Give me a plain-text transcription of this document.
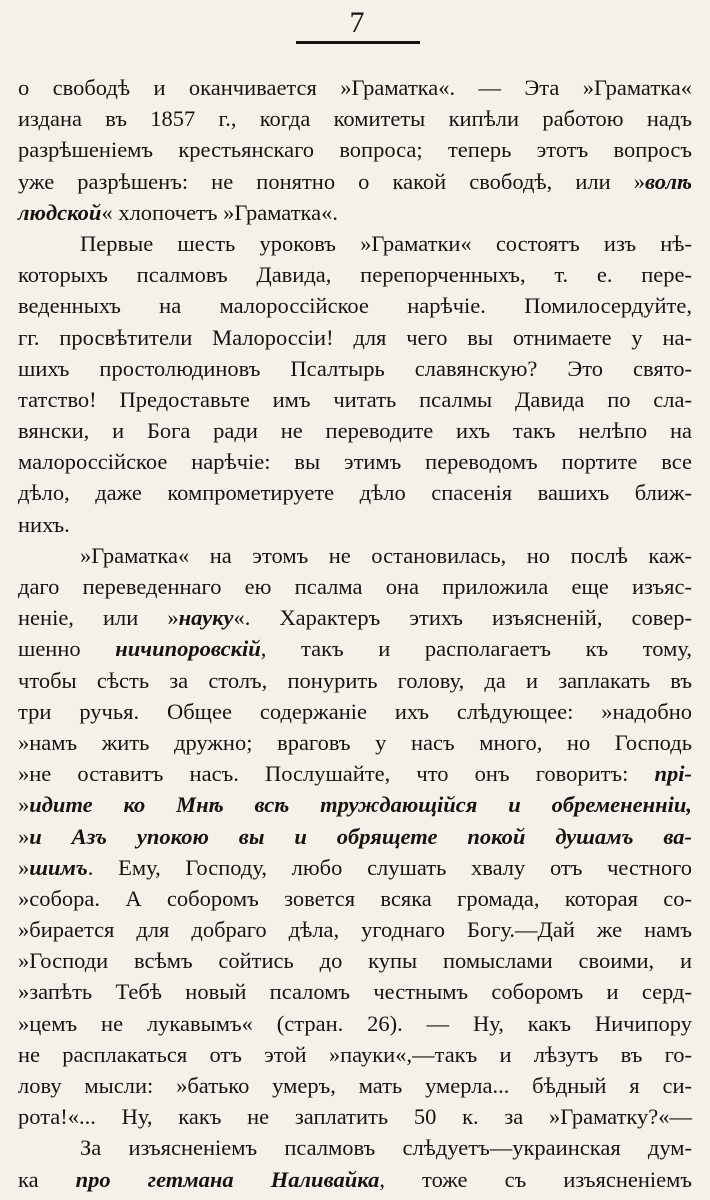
7
о свободѣ и оканчивается »Граматка«. — Эта »Граматка«
издана въ 1857 г., когда комитеты кипѣли работою надъ
разрѣшеніемъ крестьянскаго вопроса; теперь этотъ вопросъ
уже разрѣшенъ: не понятно о какой свободѣ, или »волѣ
людской« хлопочетъ »Граматка«.
Первые шесть уроковъ »Граматки« состоятъ изъ нѣ-
которыхъ псалмовъ Давида, перепорченныхъ, т. е. пере-
веденныхъ на малороссійское нарѣчіе. Помилосердуйте,
гг. просвѣтители Малороссіи! для чего вы отнимаете у на-
шихъ простолюдиновъ Псалтырь славянскую? Это свято-
татство! Предоставьте имъ читать псалмы Давида по сла-
вянски, и Бога ради не переводите ихъ такъ нелѣпо на
малороссійское нарѣчіе: вы этимъ переводомъ портите все
дѣло, даже компрометируете дѣло спасенія вашихъ ближ-
нихъ.
»Граматка« на этомъ не остановилась, но послѣ каж-
даго переведеннаго ею псалма она приложила еще изъяс-
неніе, или »науку«. Характеръ этихъ изъясненій, совер-
шенно ничипоровскій, такъ и располагаетъ къ тому,
чтобы сѣсть за столъ, понурить голову, да и заплакать въ
три ручья. Общее содержаніе ихъ слѣдующее: »надобно
»намъ жить дружно; враговъ у насъ много, но Господь
»не оставитъ насъ. Послушайте, что онъ говоритъ: прі-
»идите ко Мнѣ всѣ труждающійся и обремененніи,
»и Азъ упокою вы и обрящете покой душамъ ва-
»шимъ. Ему, Господу, любо слушать хвалу отъ честного
»собора. А соборомъ зовется всяка громада, которая со-
»бирается для добраго дѣла, угоднаго Богу.—Дай же намъ
»Господи всѣмъ сойтись до купы помыслами своими, и
»запѣть Тебѣ новый псаломъ честнымъ соборомъ и серд-
»цемъ не лукавымъ« (стран. 26). — Ну, какъ Ничипору
не расплакаться отъ этой »пауки«,—такъ и лѣзутъ въ го-
лову мысли: »батько умеръ, мать умерла... бѣдный я си-
рота!«... Ну, какъ не заплатить 50 к. за »Граматку?«—
За изъясненіемъ псалмовъ слѣдуетъ—украинская дум-
ка про гетмана Наливайка, тоже съ изъясненіемъ
